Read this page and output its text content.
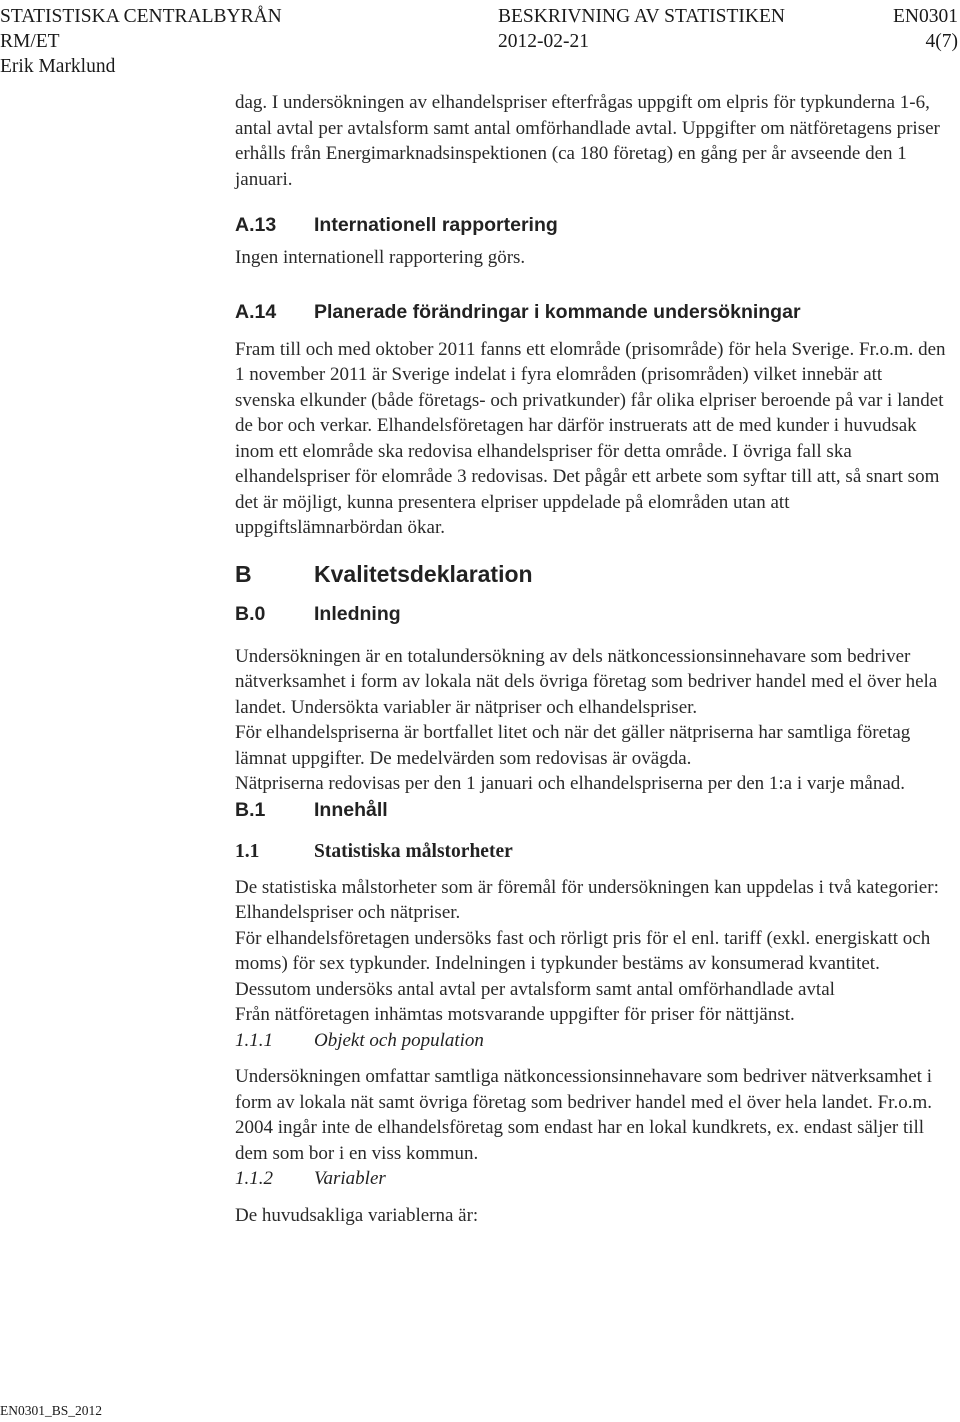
STATISTISKA CENTRALBYRÅN	BESKRIVNING AV STATISTIKEN	EN0301
RM/ET	2012-02-21	4(7)
Erik Marklund

dag. I undersökningen av elhandelspriser efterfrågas uppgift om elpris för typkunderna 1-6, antal avtal per avtalsform samt antal omförhandlade avtal. Uppgifter om nätföretagens priser erhålls från Energimarknadsinspektionen (ca 180 företag) en gång per år avseende den 1 januari.

A.13 Internationell rapportering

Ingen internationell rapportering görs.

A.14 Planerade förändringar i kommande undersökningar

Fram till och med oktober 2011 fanns ett elområde (prisområde) för hela Sverige. Fr.o.m. den 1 november 2011 är Sverige indelat i fyra elområden (prisområden) vilket innebär att svenska elkunder (både företags- och privatkunder) får olika elpriser beroende på var i landet de bor och verkar. Elhandelsföretagen har därför instruerats att de med kunder i huvudsak inom ett elområde ska redovisa elhandelspriser för detta område. I övriga fall ska elhandelspriser för elområde 3 redovisas. Det pågår ett arbete som syftar till att, så snart som det är möjligt, kunna presentera elpriser uppdelade på elområden utan att uppgiftslämnarbördan ökar.

B	Kvalitetsdeklaration
B.0 Inledning

Undersökningen är en totalundersökning av dels nätkoncessionsinnehavare som bedriver nätverksamhet i form av lokala nät dels övriga företag som bedriver handel med el över hela landet. Undersökta variabler är nätpriser och elhandelspriser.

För elhandelspriserna är bortfallet litet och när det gäller nätpriserna har samtliga företag lämnat uppgifter. De medelvärden som redovisas är ovägda.

Nätpriserna redovisas per den 1 januari och elhandelspriserna per den 1:a i varje månad.

B.1 Innehåll
1.1	Statistiska målstorheter

De statistiska målstorheter som är föremål för undersökningen kan uppdelas i två kategorier: Elhandelspriser och nätpriser.

För elhandelsföretagen undersöks fast och rörligt pris för el enl. tariff (exkl. energiskatt och moms) för sex typkunder. Indelningen i typkunder bestäms av konsumerad kvantitet. Dessutom undersöks antal avtal per avtalsform samt antal omförhandlade avtal

Från nätföretagen inhämtas motsvarande uppgifter för priser för nättjänst.

1.1.1 Objekt och population

Undersökningen omfattar samtliga nätkoncessionsinnehavare som bedriver nätverksamhet i form av lokala nät samt övriga företag som bedriver handel med el över hela landet. Fr.o.m. 2004 ingår inte de elhandelsföretag som endast har en lokal kundkrets, ex. endast säljer till dem som bor i en viss kommun.

1.1.2 Variabler

De huvudsakliga variablerna är:

EN0301_BS_2012
